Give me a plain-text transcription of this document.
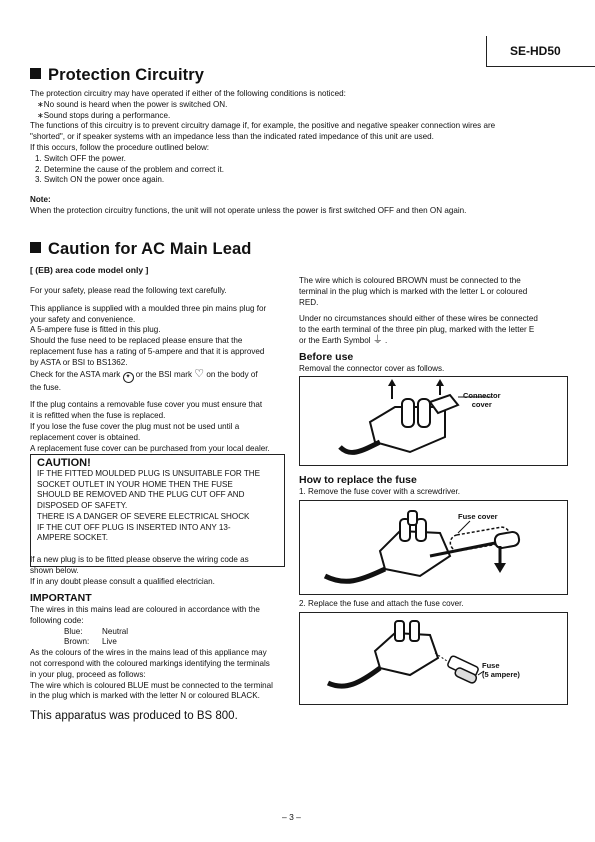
SE-HD50
Protection Circuitry

The protection circuitry may have operated if either of the following conditions is noticed:

∗No sound is heard when the power is switched ON.

∗Sound stops during a performance.

The functions of this circuitry is to prevent circuitry damage if, for example, the positive and negative speaker connection wires are

"shorted", or if speaker systems with an impedance less than the indicated rated impedance of this unit are used.

If this occurs, follow the procedure outlined below:

1. Switch OFF the power.

2. Determine the cause of the problem and correct it.

3. Switch ON the power once again.

Note:

When the protection circuitry functions, the unit will not operate unless the power is first switched OFF and then ON again.

Caution for AC Main Lead
[ (EB) area code model only ]

For your safety, please read the following text carefully.

This appliance is supplied with a moulded three pin mains plug for

your safety and convenience.

A 5-ampere fuse is fitted in this plug.

Should the fuse need to be replaced please ensure that the

replacement fuse has a rating of 5-ampere and that it is approved

by ASTA or BSI to BS1362.

Check for the ASTA mark ✦ or the BSI mark ♡ on the body of

the fuse.

If the plug contains a removable fuse cover you must ensure that

it is refitted when the fuse is replaced.

If you lose the fuse cover the plug must not be used until a

replacement cover is obtained.

A replacement fuse cover can be purchased from your local dealer.

CAUTION!

IF THE FITTED MOULDED PLUG IS UNSUITABLE FOR THE

SOCKET OUTLET IN YOUR HOME THEN THE FUSE

SHOULD BE REMOVED AND THE PLUG CUT OFF AND

DISPOSED OF SAFETY.

THERE IS A DANGER OF SEVERE ELECTRICAL SHOCK

IF THE CUT OFF PLUG IS INSERTED INTO ANY 13-

AMPERE SOCKET.

If a new plug is to be fitted please observe the wiring code as

shown below.

If in any doubt please consult a qualified electrician.

IMPORTANT

The wires in this mains lead are coloured in accordance with the

following code:

Blue: Neutral

Brown: Live

As the colours of the wires in the mains lead of this appliance may

not correspond with the coloured markings identifying the terminals

in your plug, proceed as follows:

The wire which is coloured BLUE must be connected to the terminal

in the plug which is marked with the letter N or coloured BLACK.

This apparatus was produced to BS 800.

The wire which is coloured BROWN must be connected to the

terminal in the plug which is marked with the letter L or coloured

RED.

Under no circumstances should either of these wires be connected

to the earth terminal of the three pin plug, marked with the letter E

or the Earth Symbol ⏚ .

Before use
Removal the connector cover as follows.
Connector
cover
How to replace the fuse
1. Remove the fuse cover with a screwdriver.
Fuse cover
2. Replace the fuse and attach the fuse cover.
Fuse
(5 ampere)
– 3 –
